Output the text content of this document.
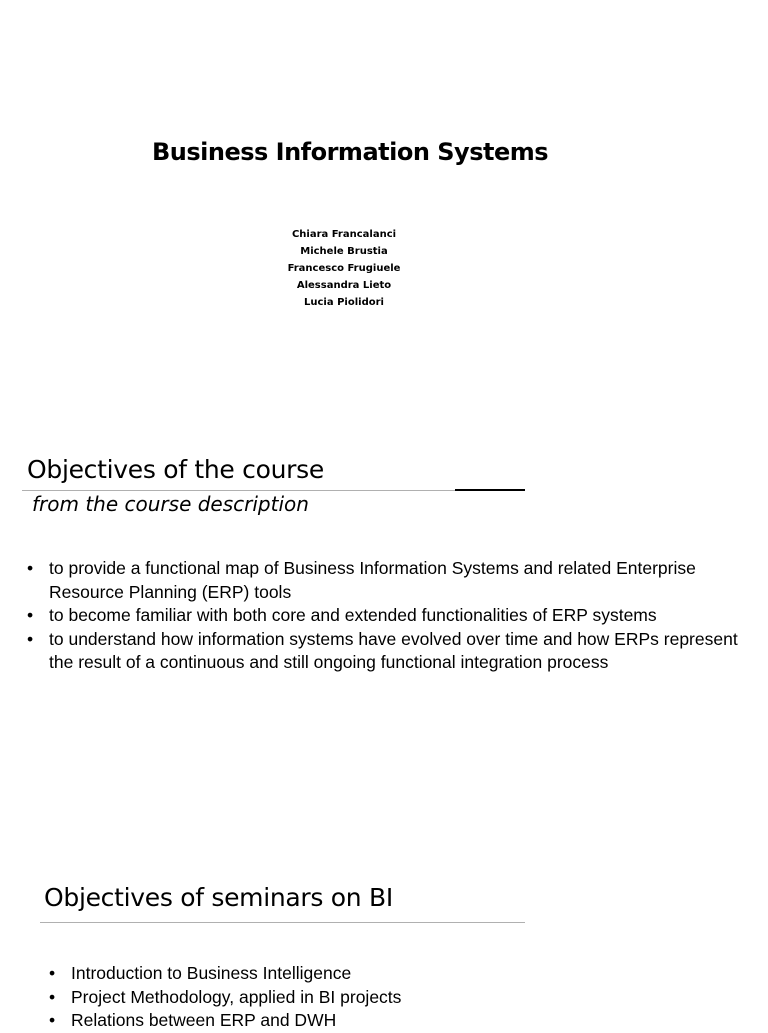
Business Information Systems
Chiara Francalanci
Michele Brustia
Francesco Frugiuele
Alessandra Lieto
Lucia Piolidori
Objectives of the course
from the course description
• to provide a functional map of Business Information Systems and related Enterprise Resource Planning (ERP) tools
• to become familiar with both core and extended functionalities of ERP systems
• to understand how information systems have evolved over time and how ERPs represent the result of a continuous and still ongoing functional integration process
Objectives of seminars on BI
• Introduction to Business Intelligence
• Project Methodology, applied in BI projects
• Relations between ERP and DWH
